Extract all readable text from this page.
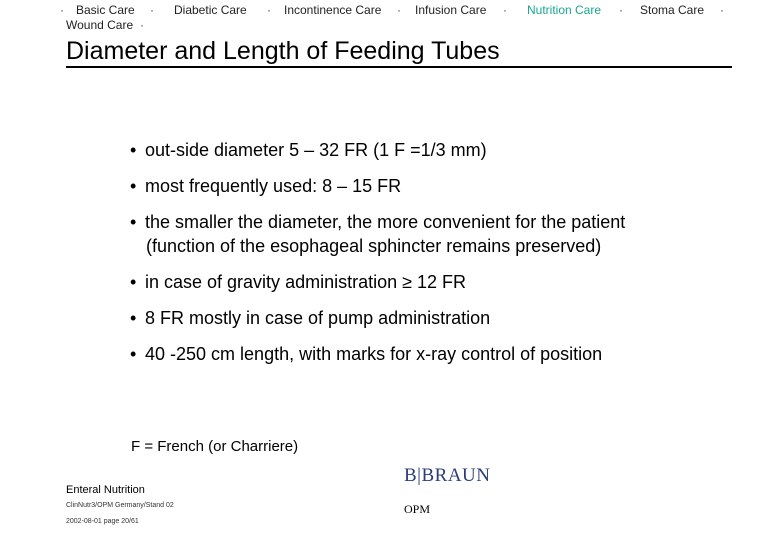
· Basic Care · Diabetic Care · Incontinence Care · Infusion Care · Nutrition Care · Stoma Care ·
Wound Care ·
Diameter and Length of Feeding Tubes
• out-side diameter 5 – 32 FR (1 F =1/3 mm)
• most frequently used: 8 – 15 FR
• the smaller the diameter, the more convenient for the patient
(function of the esophageal sphincter remains preserved)
• in case of gravity administration ≥ 12 FR
• 8 FR mostly in case of pump administration
• 40 -250 cm length, with marks for x-ray control of position
F = French (or Charriere)
Enteral Nutrition
ClinNutr3/OPM Germany/Stand 02
2002-08-01 page 20/61
B|BRAUN
OPM
